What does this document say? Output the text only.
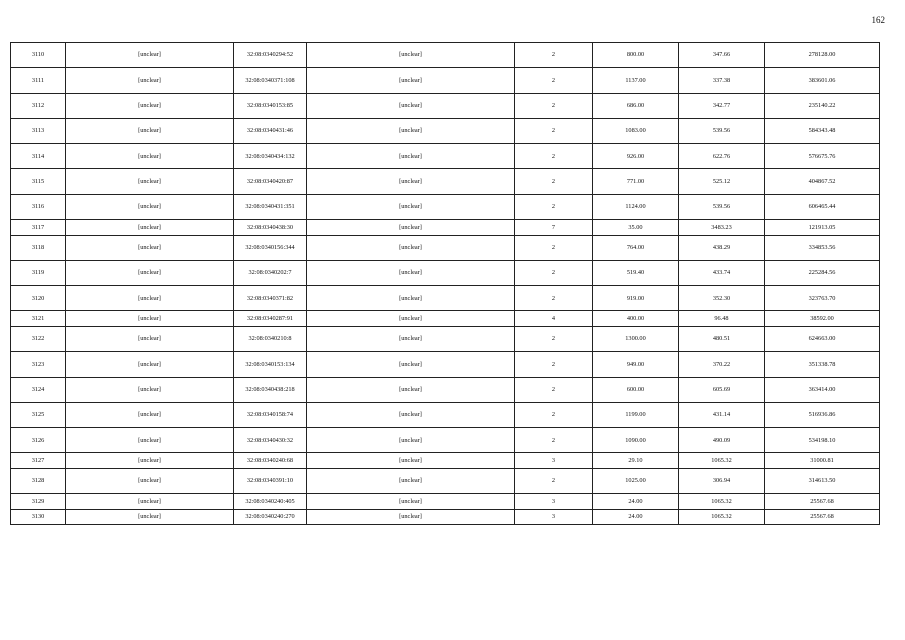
162
3110	[unclear]	32:08:0340294:52	[unclear]	2	800.00	347.66	278128.00
3111	[unclear]	32:08:0340371:108	[unclear]	2	1137.00	337.38	383601.06
3112	[unclear]	32:08:0340153:85	[unclear]	2	686.00	342.77	235140.22
3113	[unclear]	32:08:0340431:46	[unclear]	2	1083.00	539.56	584343.48
3114	[unclear]	32:08:0340434:132	[unclear]	2	926.00	622.76	576675.76
3115	[unclear]	32:08:0340420:87	[unclear]	2	771.00	525.12	404867.52
3116	[unclear]	32:08:0340431:351	[unclear]	2	1124.00	539.56	606465.44
3117	[unclear]	32:08:0340438:30	[unclear]	7	35.00	3483.23	121913.05
3118	[unclear]	32:08:0340156:344	[unclear]	2	764.00	438.29	334853.56
3119	[unclear]	32:08:0340202:7	[unclear]	2	519.40	433.74	225284.56
3120	[unclear]	32:08:0340371:82	[unclear]	2	919.00	352.30	323763.70
3121	[unclear]	32:08:0340287:91	[unclear]	4	400.00	96.48	38592.00
3122	[unclear]	32:08:0340210:8	[unclear]	2	1300.00	480.51	624663.00
3123	[unclear]	32:08:0340153:134	[unclear]	2	949.00	370.22	351338.78
3124	[unclear]	32:08:0340438:218	[unclear]	2	600.00	605.69	363414.00
3125	[unclear]	32:08:0340158:74	[unclear]	2	1199.00	431.14	516936.86
3126	[unclear]	32:08:0340430:32	[unclear]	2	1090.00	490.09	534198.10
3127	[unclear]	32:08:0340240:68	[unclear]	3	29.10	1065.32	31000.81
3128	[unclear]	32:08:0340391:10	[unclear]	2	1025.00	306.94	314613.50
3129	[unclear]	32:08:0340240:405	[unclear]	3	24.00	1065.32	25567.68
3130	[unclear]	32:08:0340240:270	[unclear]	3	24.00	1065.32	25567.68
